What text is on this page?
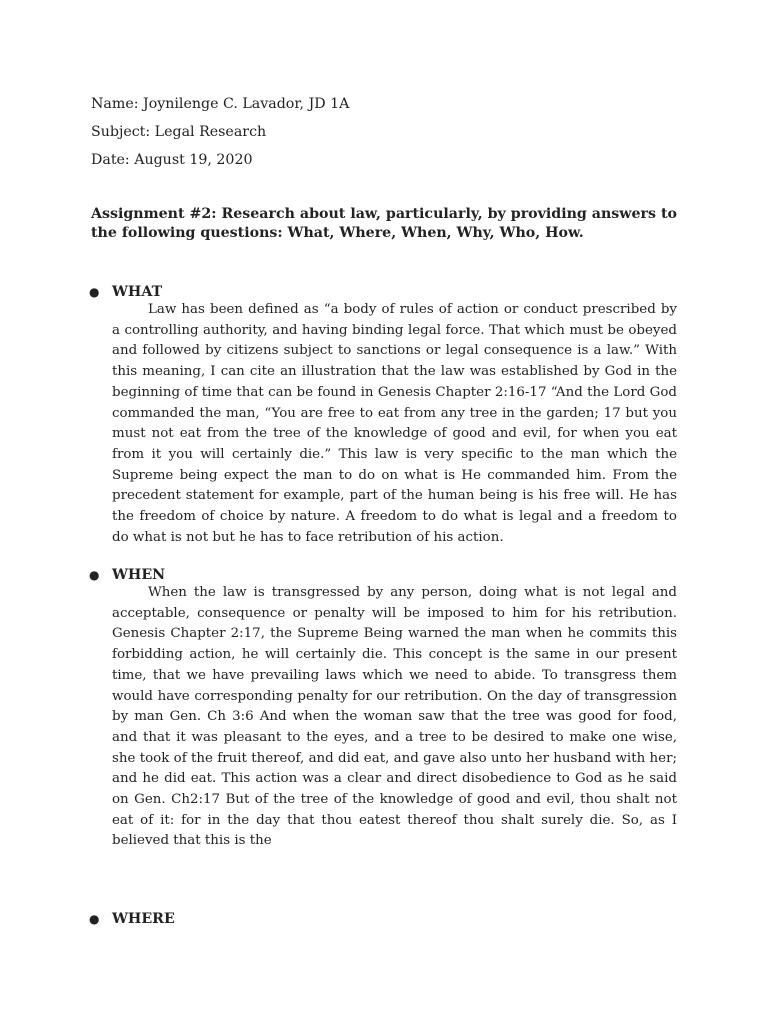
Name: Joynilenge C. Lavador, JD 1A
Subject: Legal Research
Date: August 19, 2020
Assignment #2: Research about law, particularly, by providing answers to the following questions: What, Where, When, Why, Who, How.
● WHAT
Law has been defined as “a body of rules of action or conduct prescribed by a controlling authority, and having binding legal force. That which must be obeyed and followed by citizens subject to sanctions or legal consequence is a law.” With this meaning, I can cite an illustration that the law was established by God in the beginning of time that can be found in Genesis Chapter 2:16-17 “And the Lord God commanded the man, “You are free to eat from any tree in the garden; 17 but you must not eat from the tree of the knowledge of good and evil, for when you eat from it you will certainly die.” This law is very specific to the man which the Supreme being expect the man to do on what is He commanded him. From the precedent statement for example, part of the human being is his free will. He has the freedom of choice by nature. A freedom to do what is legal and a freedom to do what is not but he has to face retribution of his action.
● WHEN
When the law is transgressed by any person, doing what is not legal and acceptable, consequence or penalty will be imposed to him for his retribution. Genesis Chapter 2:17, the Supreme Being warned the man when he commits this forbidding action, he will certainly die. This concept is the same in our present time, that we have prevailing laws which we need to abide. To transgress them would have corresponding penalty for our retribution. On the day of transgression by man Gen. Ch 3:6 And when the woman saw that the tree was good for food, and that it was pleasant to the eyes, and a tree to be desired to make one wise, she took of the fruit thereof, and did eat, and gave also unto her husband with her; and he did eat. This action was a clear and direct disobedience to God as he said on Gen. Ch2:17 But of the tree of the knowledge of good and evil, thou shalt not eat of it: for in the day that thou eatest thereof thou shalt surely die. So, as I believed that this is the
● WHERE
